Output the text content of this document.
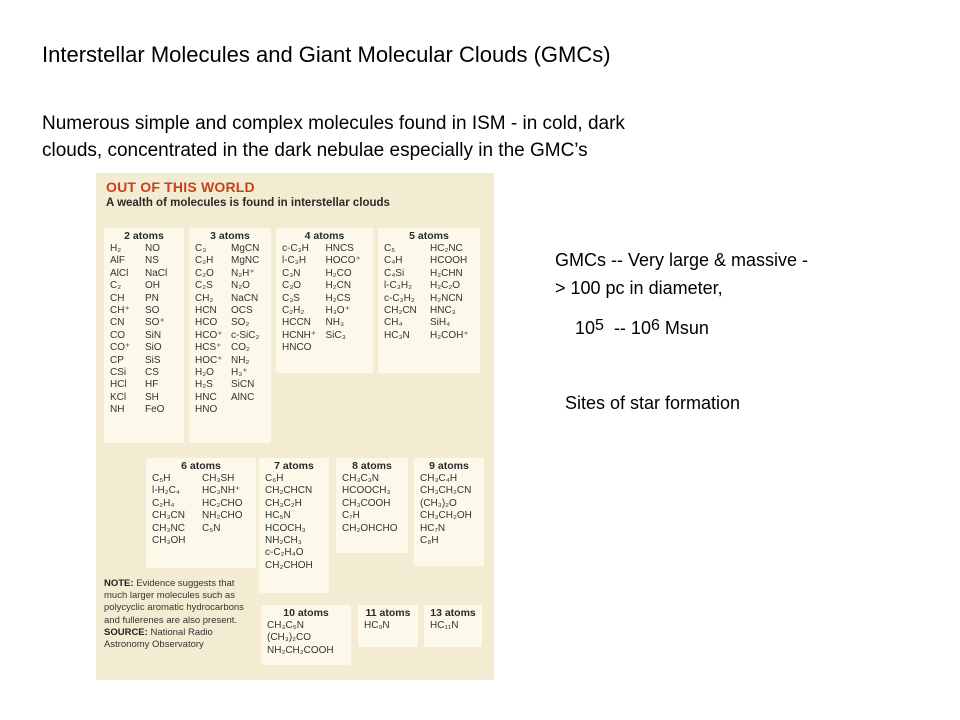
Interstellar Molecules and Giant Molecular Clouds (GMCs)
Numerous simple and complex molecules found in ISM - in cold, dark
clouds, concentrated in the dark nebulae especially in the GMC’s
GMCs -- Very large & massive -
> 100 pc in diameter,
$10^5 -- 10^6$ Msun
Sites of star formation
OUT OF THIS WORLD
A wealth of molecules is found in interstellar clouds
2 atoms
H₂
AlF
AlCl
C₂
CH
CH⁺
CN
CO
CO⁺
CP
CSi
HCl
KCl
NH
NO
NS
NaCl
OH
PN
SO
SO⁺
SiN
SiO
SiS
CS
HF
SH
FeO
3 atoms
C₃
C₂H
C₂O
C₂S
CH₂
HCN
HCO
HCO⁺
HCS⁺
HOC⁺
H₂O
H₂S
HNC
HNO
MgCN
MgNC
N₂H⁺
N₂O
NaCN
OCS
SO₂
c-SiC₂
CO₂
NH₂
H₃⁺
SiCN
AlNC
4 atoms
c-C₃H
l-C₃H
C₃N
C₃O
C₃S
C₂H₂
HCCN
HCNH⁺
HNCO
HNCS
HOCO⁺
H₂CO
H₂CN
H₂CS
H₃O⁺
NH₃
SiC₃
5 atoms
C₅
C₄H
C₄Si
l-C₃H₂
c-C₃H₂
CH₂CN
CH₄
HC₃N
HC₂NC
HCOOH
H₂CHN
H₂C₂O
H₂NCN
HNC₃
SiH₄
H₂COH⁺
6 atoms
C₅H
l-H₂C₄
C₂H₄
CH₃CN
CH₃NC
CH₃OH
CH₃SH
HC₃NH⁺
HC₂CHO
NH₂CHO
C₅N
7 atoms
C₆H
CH₂CHCN
CH₃C₂H
HC₅N
HCOCH₃
NH₂CH₃
c-C₂H₄O
CH₂CHOH
8 atoms
CH₃C₃N
HCOOCH₃
CH₃COOH
C₇H
CH₂OHCHO
9 atoms
CH₃C₄H
CH₃CH₂CN
(CH₃)₂O
CH₃CH₂OH
HC₇N
C₈H
10 atoms
CH₃C₅N
(CH₃)₂CO
NH₂CH₂COOH
11 atoms
HC₉N
13 atoms
HC₁₁N
NOTE: Evidence suggests that much larger molecules such as polycyclic aromatic hydrocarbons and fullerenes are also present.
SOURCE: National Radio Astronomy Observatory
